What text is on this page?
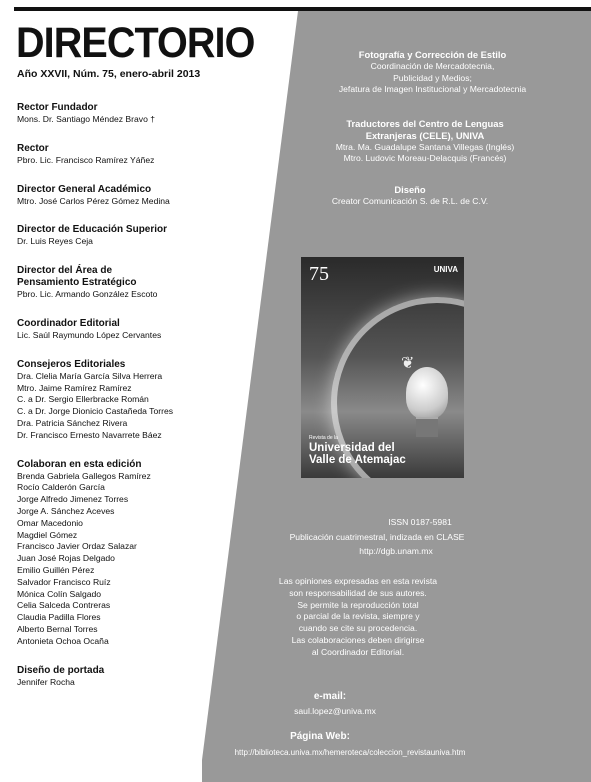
DIRECTORIO
Año XXVII, Núm. 75, enero-abril 2013
Rector Fundador
Mons. Dr. Santiago Méndez Bravo †
Rector
Pbro. Lic. Francisco Ramírez Yáñez
Director General Académico
Mtro. José Carlos Pérez Gómez Medina
Director de Educación Superior
Dr. Luis Reyes Ceja
Director del Área de Pensamiento Estratégico
Pbro. Lic. Armando González Escoto
Coordinador Editorial
Lic. Saúl Raymundo López Cervantes
Consejeros Editoriales
Dra. Clelia María García Silva Herrera
Mtro. Jaime Ramírez Ramírez
C. a Dr. Sergio Ellerbracke Román
C. a Dr. Jorge Dionicio Castañeda Torres
Dra. Patricia Sánchez Rivera
Dr. Francisco Ernesto Navarrete Báez
Colaboran en esta edición
Brenda Gabriela Gallegos Ramírez
Rocío Calderón García
Jorge Alfredo Jimenez Torres
Jorge A. Sánchez Aceves
Omar Macedonio
Magdiel Gómez
Francisco Javier Ordaz Salazar
Juan José Rojas Delgado
Emilio Guillén Pérez
Salvador Francisco Ruíz
Mónica Colín Salgado
Celia Salceda Contreras
Claudia Padilla Flores
Alberto Bernal Torres
Antonieta Ochoa Ocaña
Diseño de portada
Jennifer Rocha
Fotografía y Corrección de Estilo
Coordinación de Mercadotecnia,
Publicidad y Medios;
Jefatura de Imagen Institucional y Mercadotecnia
Traductores del Centro de Lenguas
Extranjeras (CELE), UNIVA
Mtra. Ma. Guadalupe Santana Villegas (Inglés)
Mtro. Ludovic Moreau-Delacquis (Francés)
Diseño
Creator Comunicación S. de R.L. de C.V.
75	UNIVA
❦
Revista de la
Universidad del
Valle de Atemajac
ISSN 0187-5981
Publicación cuatrimestral, indizada en CLASE
http://dgb.unam.mx
Las opiniones expresadas en esta revista
son responsabilidad de sus autores.
Se permite la reproducción total
o parcial de la revista, siempre y
cuando se cite su procedencia.
Las colaboraciones deben dirigirse
al Coordinador Editorial.
e-mail:
saul.lopez@univa.mx
Página Web:
http://biblioteca.univa.mx/hemeroteca/coleccion_revistauniva.htm
